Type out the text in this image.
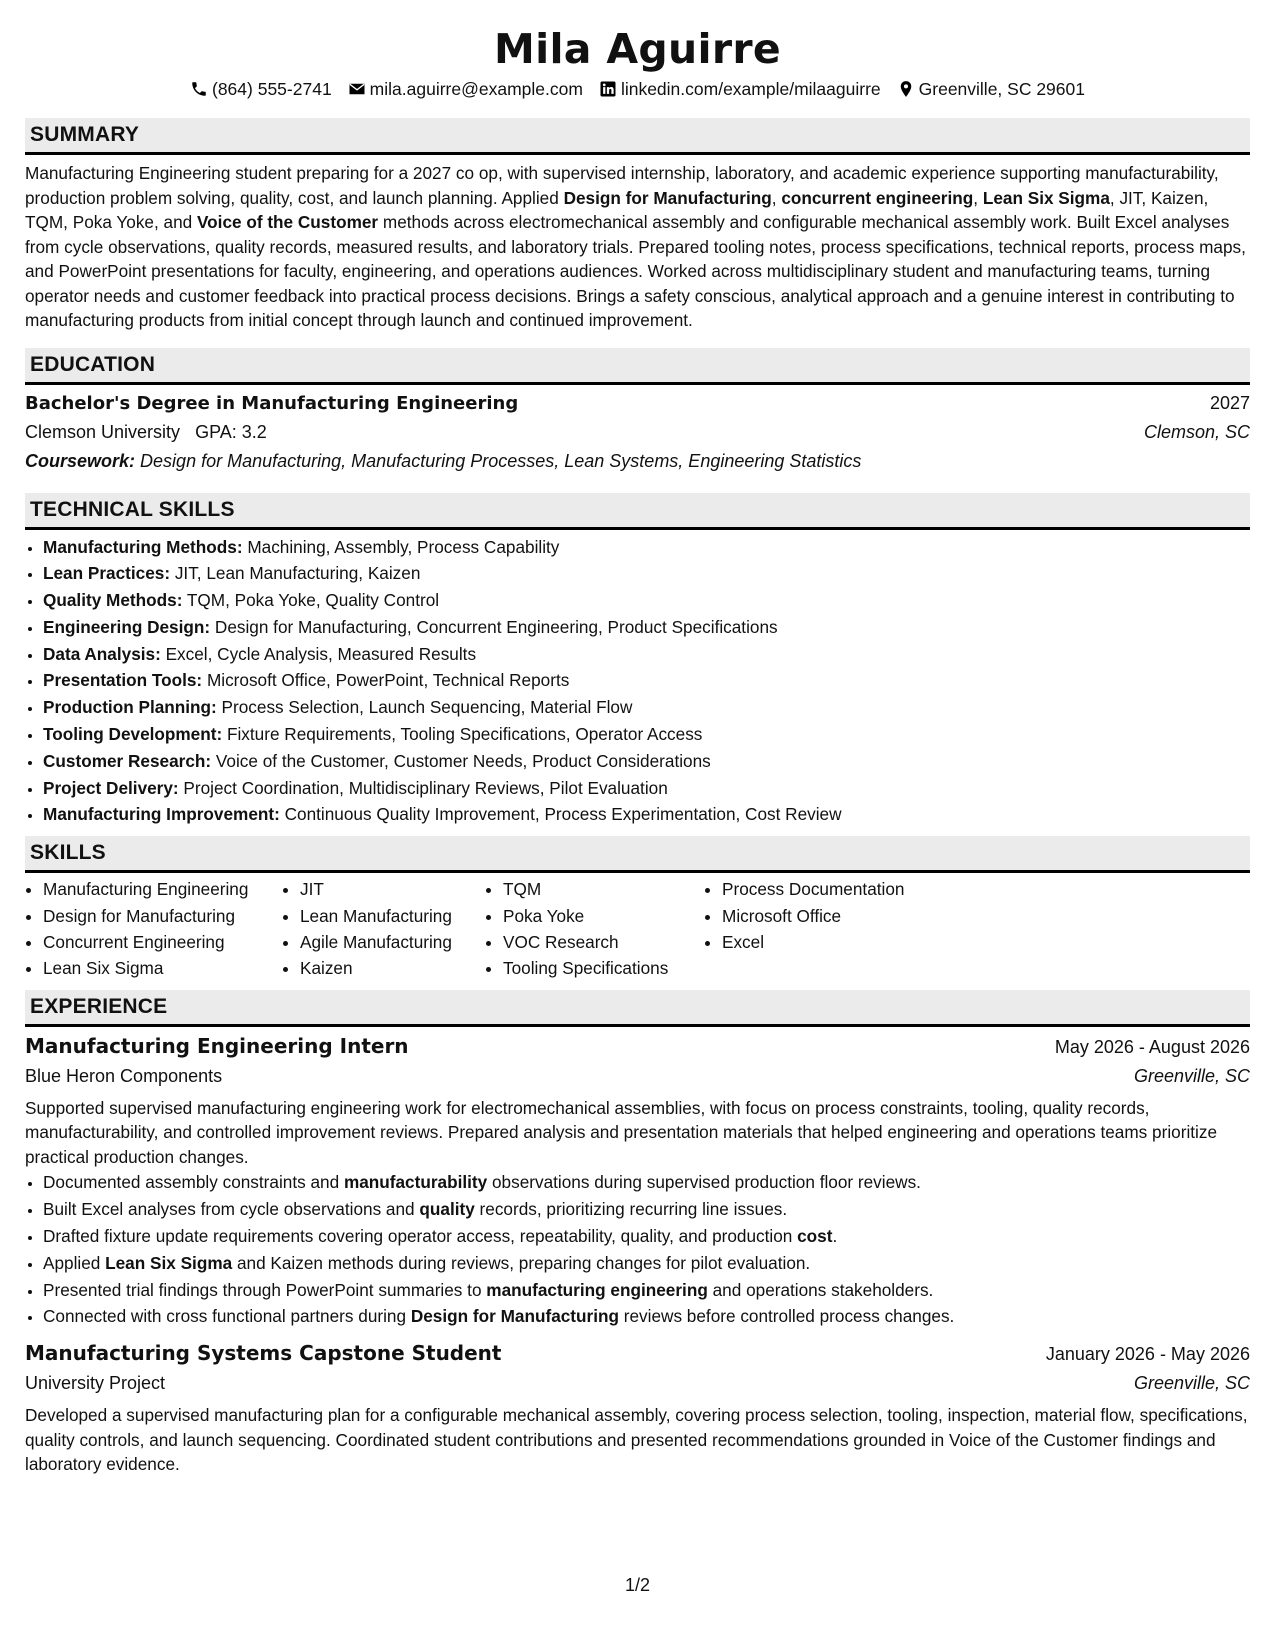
Mila Aguirre
(864) 555-2741 mila.aguirre@example.com linkedin.com/example/milaaguirre Greenville, SC 29601
SUMMARY

Manufacturing Engineering student preparing for a 2027 co op, with supervised internship, laboratory, and academic experience supporting manufacturability, production problem solving, quality, cost, and launch planning. Applied Design for Manufacturing, concurrent engineering, Lean Six Sigma, JIT, Kaizen, TQM, Poka Yoke, and Voice of the Customer methods across electromechanical assembly and configurable mechanical assembly work. Built Excel analyses from cycle observations, quality records, measured results, and laboratory trials. Prepared tooling notes, process specifications, technical reports, process maps, and PowerPoint presentations for faculty, engineering, and operations audiences. Worked across multidisciplinary student and manufacturing teams, turning operator needs and customer feedback into practical process decisions. Brings a safety conscious, analytical approach and a genuine interest in contributing to manufacturing products from initial concept through launch and continued improvement.

EDUCATION
Bachelor's Degree in Manufacturing Engineering	2027
Clemson University GPA: 3.2	Clemson, SC
Coursework: Design for Manufacturing, Manufacturing Processes, Lean Systems, Engineering Statistics
TECHNICAL SKILLS
• Manufacturing Methods: Machining, Assembly, Process Capability
• Lean Practices: JIT, Lean Manufacturing, Kaizen
• Quality Methods: TQM, Poka Yoke, Quality Control
• Engineering Design: Design for Manufacturing, Concurrent Engineering, Product Specifications
• Data Analysis: Excel, Cycle Analysis, Measured Results
• Presentation Tools: Microsoft Office, PowerPoint, Technical Reports
• Production Planning: Process Selection, Launch Sequencing, Material Flow
• Tooling Development: Fixture Requirements, Tooling Specifications, Operator Access
• Customer Research: Voice of the Customer, Customer Needs, Product Considerations
• Project Delivery: Project Coordination, Multidisciplinary Reviews, Pilot Evaluation
• Manufacturing Improvement: Continuous Quality Improvement, Process Experimentation, Cost Review
SKILLS
• Manufacturing Engineering
• Design for Manufacturing
• Concurrent Engineering
• Lean Six Sigma
• JIT
• Lean Manufacturing
• Agile Manufacturing
• Kaizen
• TQM
• Poka Yoke
• VOC Research
• Tooling Specifications
• Process Documentation
• Microsoft Office
• Excel
EXPERIENCE
Manufacturing Engineering Intern	May 2026 - August 2026
Blue Heron Components	Greenville, SC

Supported supervised manufacturing engineering work for electromechanical assemblies, with focus on process constraints, tooling, quality records, manufacturability, and controlled improvement reviews. Prepared analysis and presentation materials that helped engineering and operations teams prioritize practical production changes.

• Documented assembly constraints and manufacturability observations during supervised production floor reviews.
• Built Excel analyses from cycle observations and quality records, prioritizing recurring line issues.
• Drafted fixture update requirements covering operator access, repeatability, quality, and production cost.
• Applied Lean Six Sigma and Kaizen methods during reviews, preparing changes for pilot evaluation.
• Presented trial findings through PowerPoint summaries to manufacturing engineering and operations stakeholders.
• Connected with cross functional partners during Design for Manufacturing reviews before controlled process changes.
Manufacturing Systems Capstone Student	January 2026 - May 2026
University Project	Greenville, SC

Developed a supervised manufacturing plan for a configurable mechanical assembly, covering process selection, tooling, inspection, material flow, specifications, quality controls, and launch sequencing. Coordinated student contributions and presented recommendations grounded in Voice of the Customer findings and laboratory evidence.

1/2
